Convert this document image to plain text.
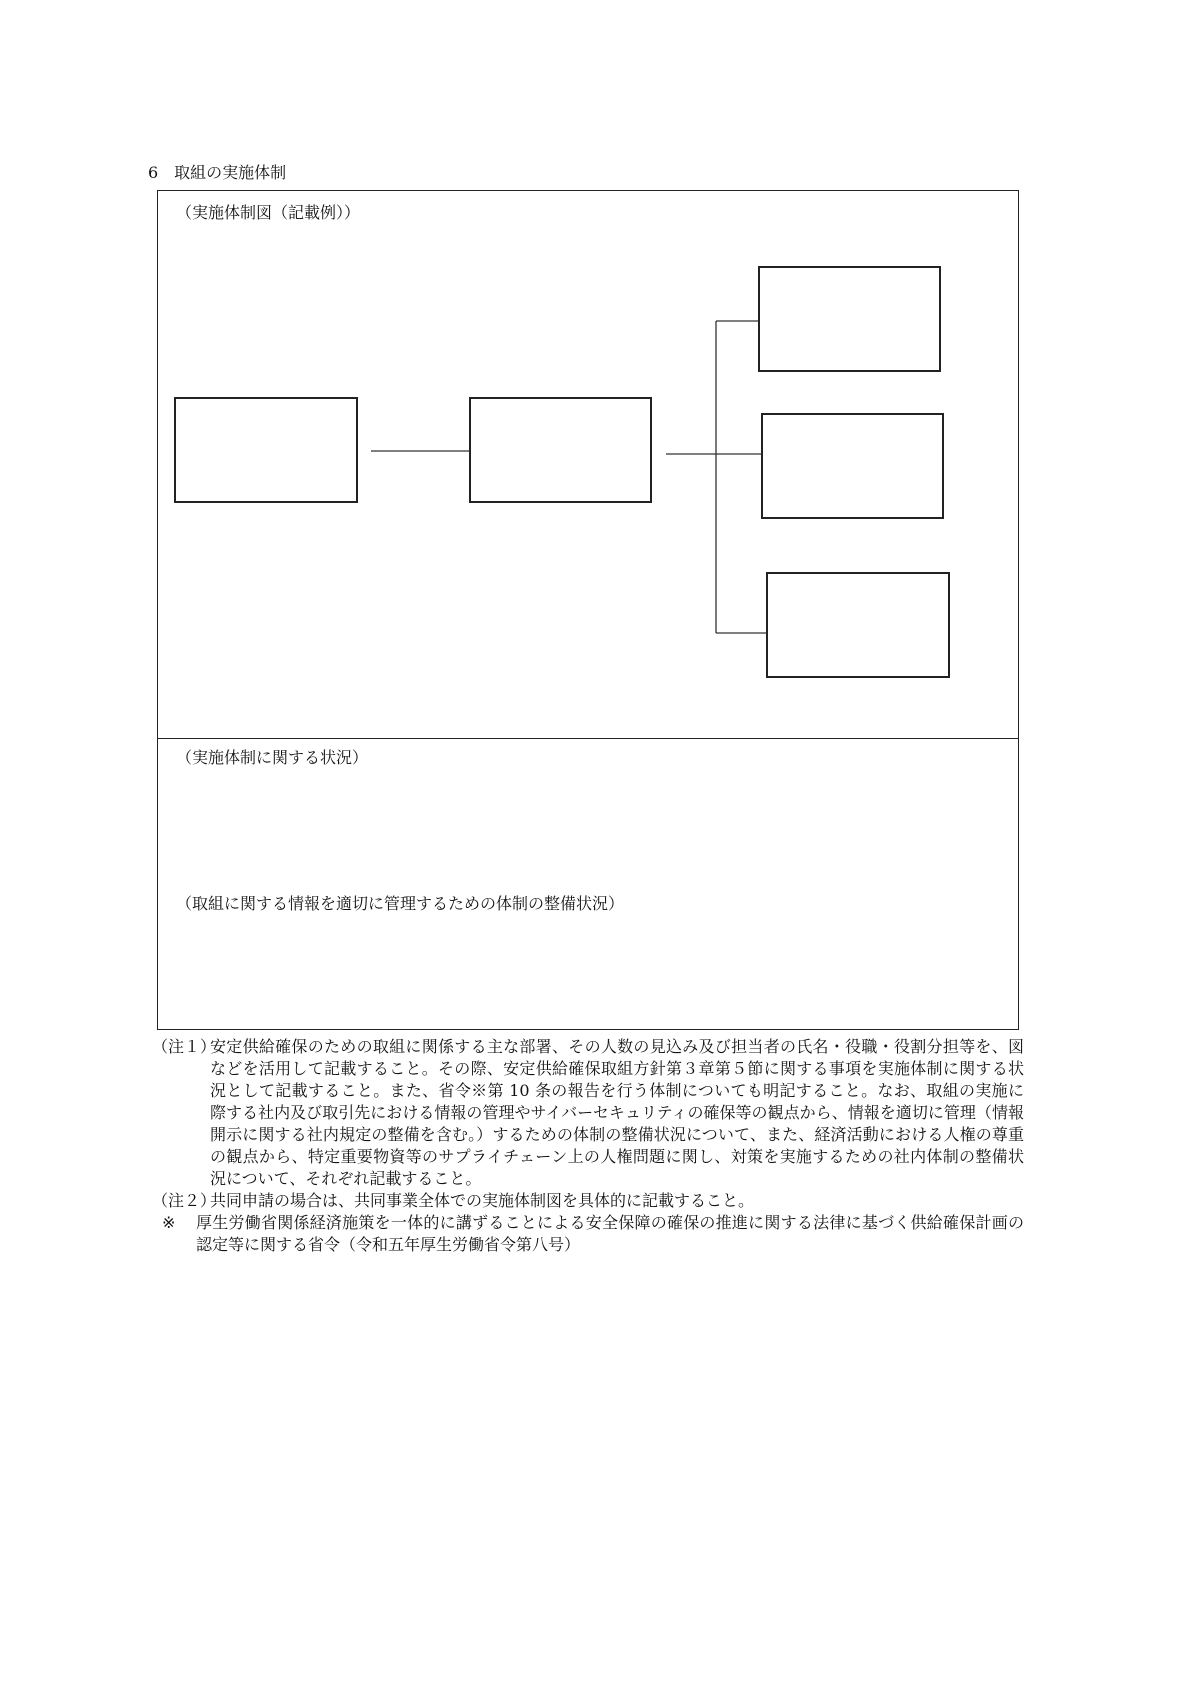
6　取組の実施体制
（実施体制図（記載例））
（実施体制に関する状況）
（取組に関する情報を適切に管理するための体制の整備状況）
（注１）
安定供給確保のための取組に関係する主な部署、その人数の見込み及び担当者の氏名・役職・役割分担等を、図などを活用して記載すること。その際、安定供給確保取組方針第３章第５節に関する事項を実施体制に関する状況として記載すること。また、省令※第 10 条の報告を行う体制についても明記すること。なお、取組の実施に際する社内及び取引先における情報の管理やサイバーセキュリティの確保等の観点から、情報を適切に管理（情報開示に関する社内規定の整備を含む。）するための体制の整備状況について、また、経済活動における人権の尊重の観点から、特定重要物資等のサプライチェーン上の人権問題に関し、対策を実施するための社内体制の整備状況について、それぞれ記載すること。
（注２）
共同申請の場合は、共同事業全体での実施体制図を具体的に記載すること。
※	厚生労働省関係経済施策を一体的に講ずることによる安全保障の確保の推進に関する法律に基づく供給確保計画の認定等に関する省令（令和五年厚生労働省令第八号）
